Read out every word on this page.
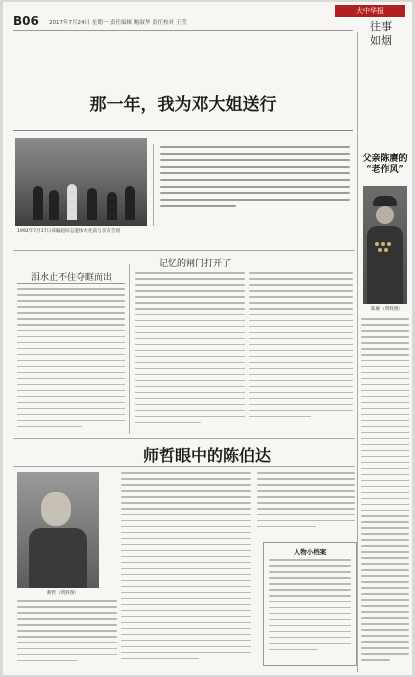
B06 2017年7月24日 星期一 责任编辑 鲍淑华 责任校对 王莹
大中华报
往事
如烟
那一年，我为邓大姐送行
1992年7月17日邓颖超同志遗体火化前与亲友告别
记忆的闸门打开了
泪水止不住夺眶而出
父亲陈赓的
“老作风”
陈赓（资料图）
师哲眼中的陈伯达
师哲（资料图）
人物小档案
